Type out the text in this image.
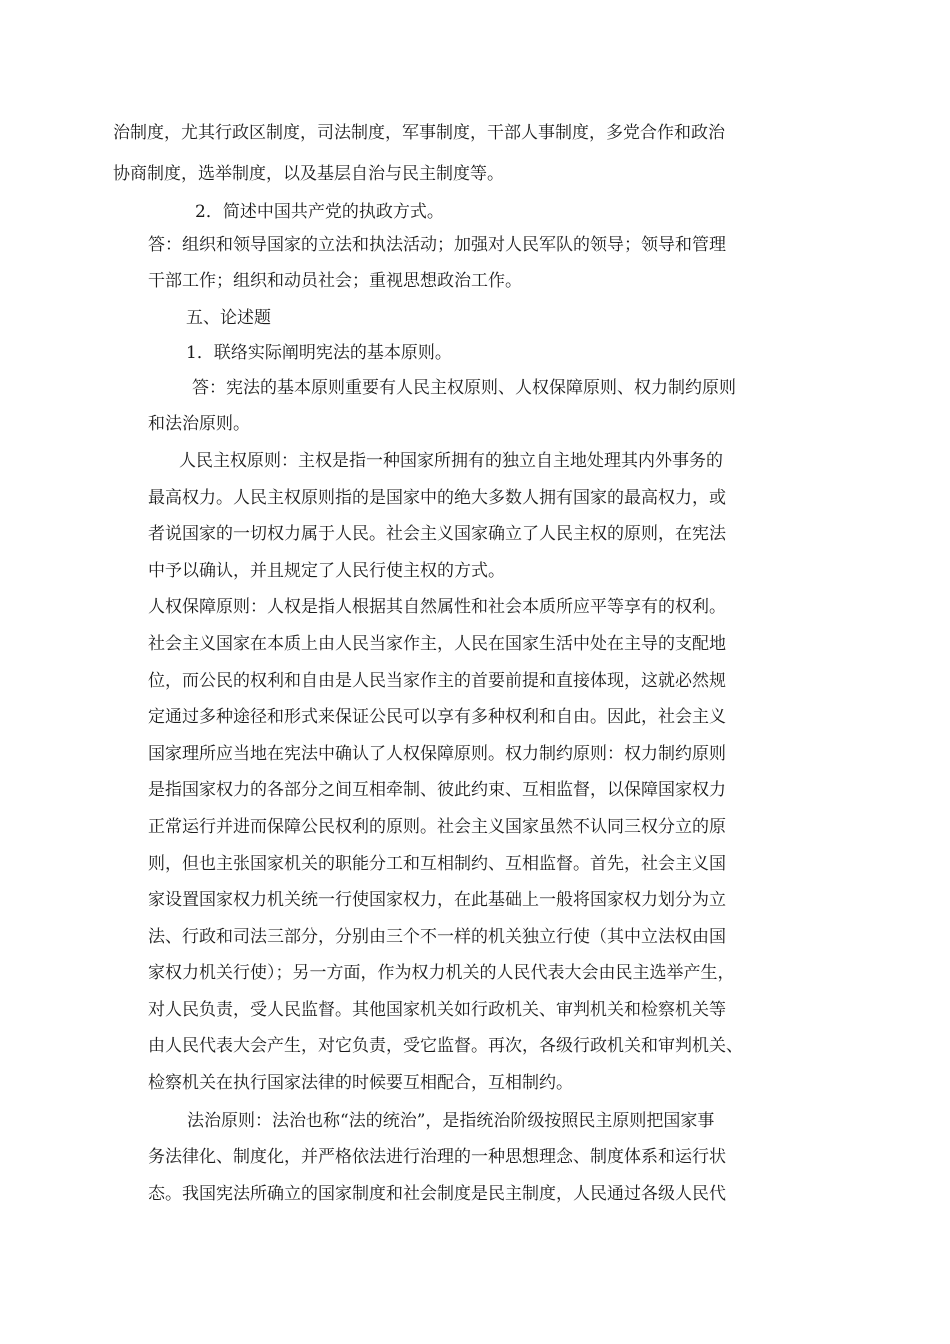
治制度，尤其行政区制度，司法制度，军事制度，干部人事制度，多党合作和政治
协商制度，选举制度，以及基层自治与民主制度等。
2．简述中国共产党的执政方式。
答：组织和领导国家的立法和执法活动；加强对人民军队的领导；领导和管理
干部工作；组织和动员社会；重视思想政治工作。
五、论述题
1．联络实际阐明宪法的基本原则。
答：宪法的基本原则重要有人民主权原则、人权保障原则、权力制约原则
和法治原则。
人民主权原则：主权是指一种国家所拥有的独立自主地处理其内外事务的
最高权力。人民主权原则指的是国家中的绝大多数人拥有国家的最高权力，或
者说国家的一切权力属于人民。社会主义国家确立了人民主权的原则，在宪法
中予以确认，并且规定了人民行使主权的方式。
人权保障原则：人权是指人根据其自然属性和社会本质所应平等享有的权利。
社会主义国家在本质上由人民当家作主，人民在国家生活中处在主导的支配地
位，而公民的权利和自由是人民当家作主的首要前提和直接体现，这就必然规
定通过多种途径和形式来保证公民可以享有多种权利和自由。因此，社会主义
国家理所应当地在宪法中确认了人权保障原则。权力制约原则：权力制约原则
是指国家权力的各部分之间互相牵制、彼此约束、互相监督，以保障国家权力
正常运行并进而保障公民权利的原则。社会主义国家虽然不认同三权分立的原
则，但也主张国家机关的职能分工和互相制约、互相监督。首先，社会主义国
家设置国家权力机关统一行使国家权力，在此基础上一般将国家权力划分为立
法、行政和司法三部分，分别由三个不一样的机关独立行使（其中立法权由国
家权力机关行使）；另一方面，作为权力机关的人民代表大会由民主选举产生，
对人民负责，受人民监督。其他国家机关如行政机关、审判机关和检察机关等
由人民代表大会产生，对它负责，受它监督。再次，各级行政机关和审判机关、
检察机关在执行国家法律的时候要互相配合，互相制约。
法治原则：法治也称“法的统治”，是指统治阶级按照民主原则把国家事
务法律化、制度化，并严格依法进行治理的一种思想理念、制度体系和运行状
态。我国宪法所确立的国家制度和社会制度是民主制度，人民通过各级人民代
